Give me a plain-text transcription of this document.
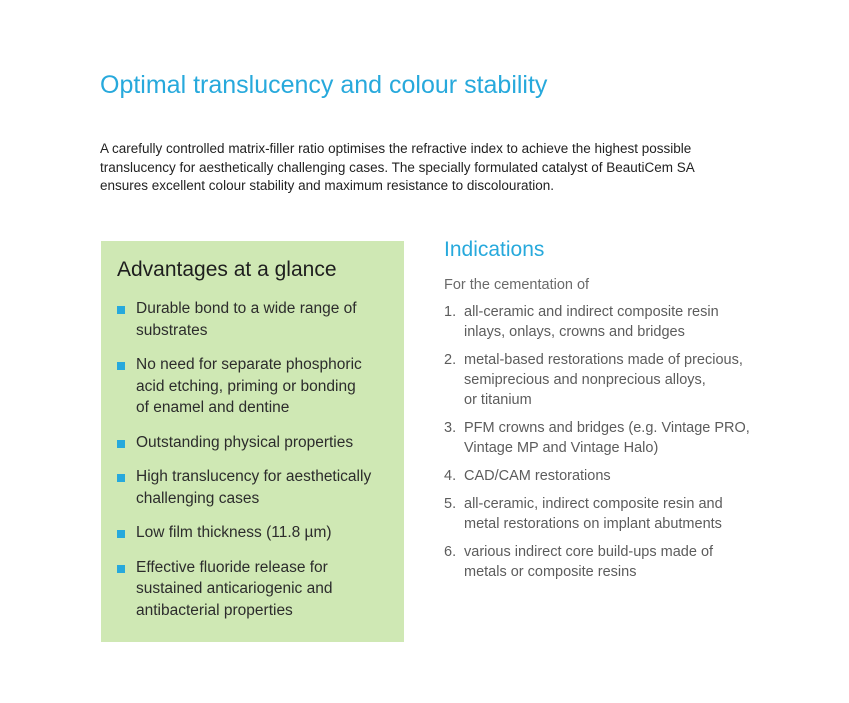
Optimal translucency and colour stability

A carefully controlled matrix-filler ratio optimises the refractive index to achieve the highest possible
translucency for aesthetically challenging cases. The specially formulated catalyst of BeautiCem SA
ensures excellent colour stability and maximum resistance to discolouration.

Advantages at a glance
Durable bond to a wide range of
substrates
No need for separate phosphoric
acid etching, priming or bonding
of enamel and dentine
Outstanding physical properties
High translucency for aesthetically
challenging cases
Low film thickness (11.8 µm)
Effective fluoride release for
sustained anticariogenic and
antibacterial properties
Indications

For the cementation of

1. all-ceramic and indirect composite resin
inlays, onlays, crowns and bridges
2. metal-based restorations made of precious,
semiprecious and nonprecious alloys,
or titanium
3. PFM crowns and bridges (e.g. Vintage PRO,
Vintage MP and Vintage Halo)
4. CAD/CAM restorations
5. all-ceramic, indirect composite resin and
metal restorations on implant abutments
6. various indirect core build-ups made of
metals or composite resins
